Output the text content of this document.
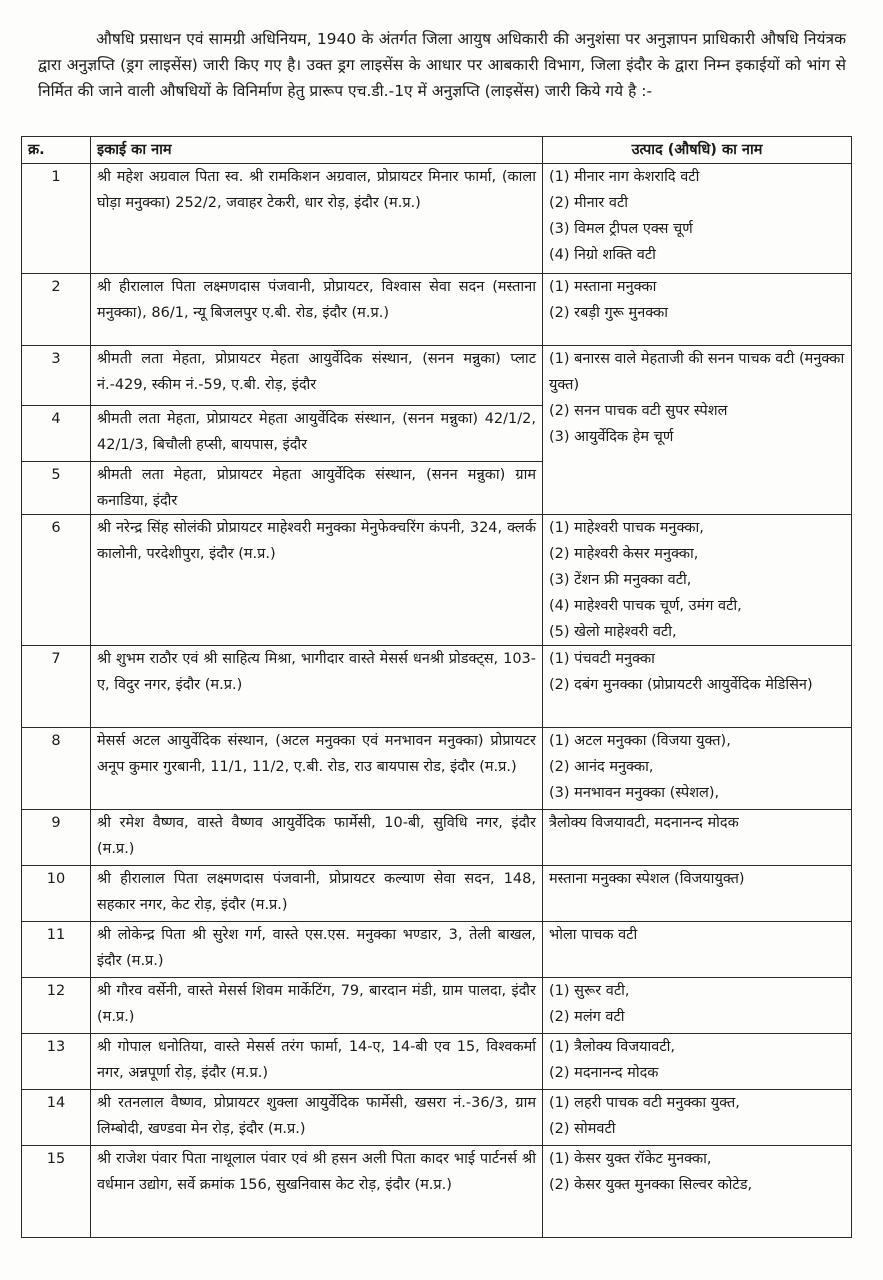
औषधि प्रसाधन एवं सामग्री अधिनियम, 1940 के अंतर्गत जिला आयुष अधिकारी की अनुशंसा पर अनुज्ञापन प्राधिकारी औषधि नियंत्रक द्वारा अनुज्ञप्ति (ड्रग लाइसेंस) जारी किए गए है। उक्त ड्रग लाइसेंस के आधार पर आबकारी विभाग, जिला इंदौर के द्वारा निम्न इकाईयों को भांग से निर्मित की जाने वाली औषधियों के विनिर्माण हेतु प्रारूप एच.डी.-1ए में अनुज्ञप्ति (लाइसेंस) जारी किये गये है :-

क्र.	इकाई का नाम	उत्पाद (औषधि) का नाम
1	श्री महेश अग्रवाल पिता स्व. श्री रामकिशन अग्रवाल, प्रोप्रायटर मिनार फार्मा, (काला घोड़ा मनुक्का) 252/2, जवाहर टेकरी, धार रोड़, इंदौर (म.प्र.)	(1) मीनार नाग केशरादि वटी
(2) मीनार वटी
(3) विमल ट्रीपल एक्स चूर्ण
(4) निग्रो शक्ति वटी

2	श्री हीरालाल पिता लक्ष्मणदास पंजवानी, प्रोप्रायटर, विश्वास सेवा सदन (मस्ताना मनुक्का), 86/1, न्यू बिजलपुर ए.बी. रोड, इंदौर (म.प्र.)	(1) मस्ताना मनुक्का
(2) रबड़ी गुरू मुनक्का

3	श्रीमती लता मेहता, प्रोप्रायटर मेहता आयुर्वेदिक संस्थान, (सनन मन्नुका) प्लाट नं.-429, स्कीम नं.-59, ए.बी. रोड़, इंदौर	(1) बनारस वाले मेहताजी की सनन पाचक वटी (मनुक्का युक्त)
(2) सनन पाचक वटी सुपर स्पेशल
(3) आयुर्वेदिक हेम चूर्ण

4	श्रीमती लता मेहता, प्रोप्रायटर मेहता आयुर्वेदिक संस्थान, (सनन मन्नुका) 42/1/2, 42/1/3, बिचौली हप्सी, बायपास, इंदौर	
5	श्रीमती लता मेहता, प्रोप्रायटर मेहता आयुर्वेदिक संस्थान, (सनन मन्नुका) ग्राम कनाडिया, इंदौर	
6	श्री नरेन्द्र सिंह सोलंकी प्रोप्रायटर माहेश्वरी मनुक्का मेनुफेक्चरिंग कंपनी, 324, क्लर्क कालोनी, परदेशीपुरा, इंदौर (म.प्र.)	(1) माहेश्वरी पाचक मनुक्का,
(2) माहेश्वरी केसर मनुक्का,
(3) टेंशन फ्री मनुक्का वटी,
(4) माहेश्वरी पाचक चूर्ण, उमंग वटी,
(5) खेलो माहेश्वरी वटी,

7	श्री शुभम राठौर एवं श्री साहित्य मिश्रा, भागीदार वास्ते मेसर्स धनश्री प्रोडक्ट्स, 103-ए, विदुर नगर, इंदौर (म.प्र.)	(1) पंचवटी मनुक्का
(2) दबंग मुनक्का (प्रोप्रायटरी आयुर्वेदिक मेडिसिन)

8	मेसर्स अटल आयुर्वेदिक संस्थान, (अटल मनुक्का एवं मनभावन मनुक्का) प्रोप्रायटर अनूप कुमार गुरबानी, 11/1, 11/2, ए.बी. रोड, राउ बायपास रोड, इंदौर (म.प्र.)	(1) अटल मनुक्का (विजया युक्त),
(2) आनंद मनुक्का,
(3) मनभावन मनुक्का (स्पेशल),

9	श्री रमेश वैष्णव, वास्ते वैष्णव आयुर्वेदिक फार्मेसी, 10-बी, सुविधि नगर, इंदौर (म.प्र.)	त्रैलोक्य विजयावटी, मदनानन्द मोदक

10	श्री हीरालाल पिता लक्ष्मणदास पंजवानी, प्रोप्रायटर कल्याण सेवा सदन, 148, सहकार नगर, केट रोड़, इंदौर (म.प्र.)	मस्ताना मनुक्का स्पेशल (विजयायुक्त)

11	श्री लोकेन्द्र पिता श्री सुरेश गर्ग, वास्ते एस.एस. मनुक्का भण्डार, 3, तेली बाखल, इंदौर (म.प्र.)	भोला पाचक वटी

12	श्री गौरव वर्सेनी, वास्ते मेसर्स शिवम मार्केटिंग, 79, बारदान मंडी, ग्राम पालदा, इंदौर (म.प्र.)	(1) सुरूर वटी,
(2) मलंग वटी

13	श्री गोपाल धनोतिया, वास्ते मेसर्स तरंग फार्मा, 14-ए, 14-बी एव 15, विश्वकर्मा नगर, अन्नपूर्णा रोड़, इंदौर (म.प्र.)	(1) त्रैलोक्य विजयावटी,
(2) मदनानन्द मोदक

14	श्री रतनलाल वैष्णव, प्रोप्रायटर शुक्ला आयुर्वेदिक फार्मेसी, खसरा नं.-36/3, ग्राम लिम्बोदी, खण्डवा मेन रोड़, इंदौर (म.प्र.)	(1) लहरी पाचक वटी मनुक्का युक्त,
(2) सोमवटी

15	श्री राजेश पंवार पिता नाथूलाल पंवार एवं श्री हसन अली पिता कादर भाई पार्टनर्स श्री वर्धमान उद्योग, सर्वे क्रमांक 156, सुखनिवास केट रोड़, इंदौर (म.प्र.)	(1) केसर युक्त रॉकेट मुनक्का,
(2) केसर युक्त मुनक्का सिल्वर कोटेड,
